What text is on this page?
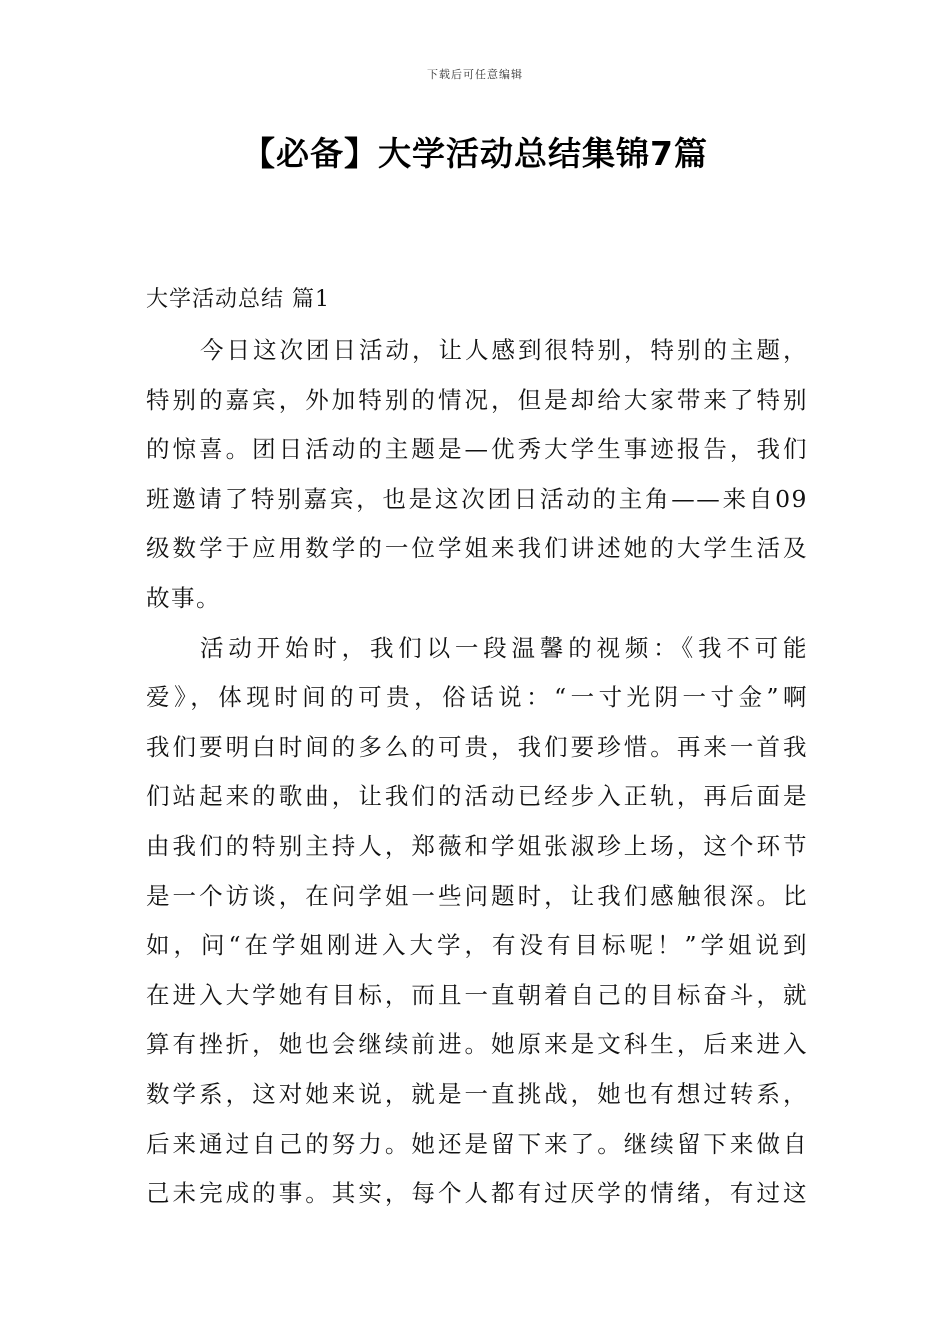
下载后可任意编辑
【必备】大学活动总结集锦7篇
大学活动总结 篇1
今日这次团日活动，让人感到很特别，特别的主题，
特别的嘉宾，外加特别的情况，但是却给大家带来了特别
的惊喜。团日活动的主题是—优秀大学生事迹报告，我们
班邀请了特别嘉宾，也是这次团日活动的主角——来自09
级数学于应用数学的一位学姐来我们讲述她的大学生活及
故事。
活动开始时，我们以一段温馨的视频：《我不可能
爱》，体现时间的可贵，俗话说：“一寸光阴一寸金”啊
我们要明白时间的多么的可贵，我们要珍惜。再来一首我
们站起来的歌曲，让我们的活动已经步入正轨，再后面是
由我们的特别主持人，郑薇和学姐张淑珍上场，这个环节
是一个访谈，在问学姐一些问题时，让我们感触很深。比
如，问“在学姐刚进入大学，有没有目标呢！”学姐说到
在进入大学她有目标，而且一直朝着自己的目标奋斗，就
算有挫折，她也会继续前进。她原来是文科生，后来进入
数学系，这对她来说，就是一直挑战，她也有想过转系，
后来通过自己的努力。她还是留下来了。继续留下来做自
己未完成的事。其实，每个人都有过厌学的情绪，有过这
